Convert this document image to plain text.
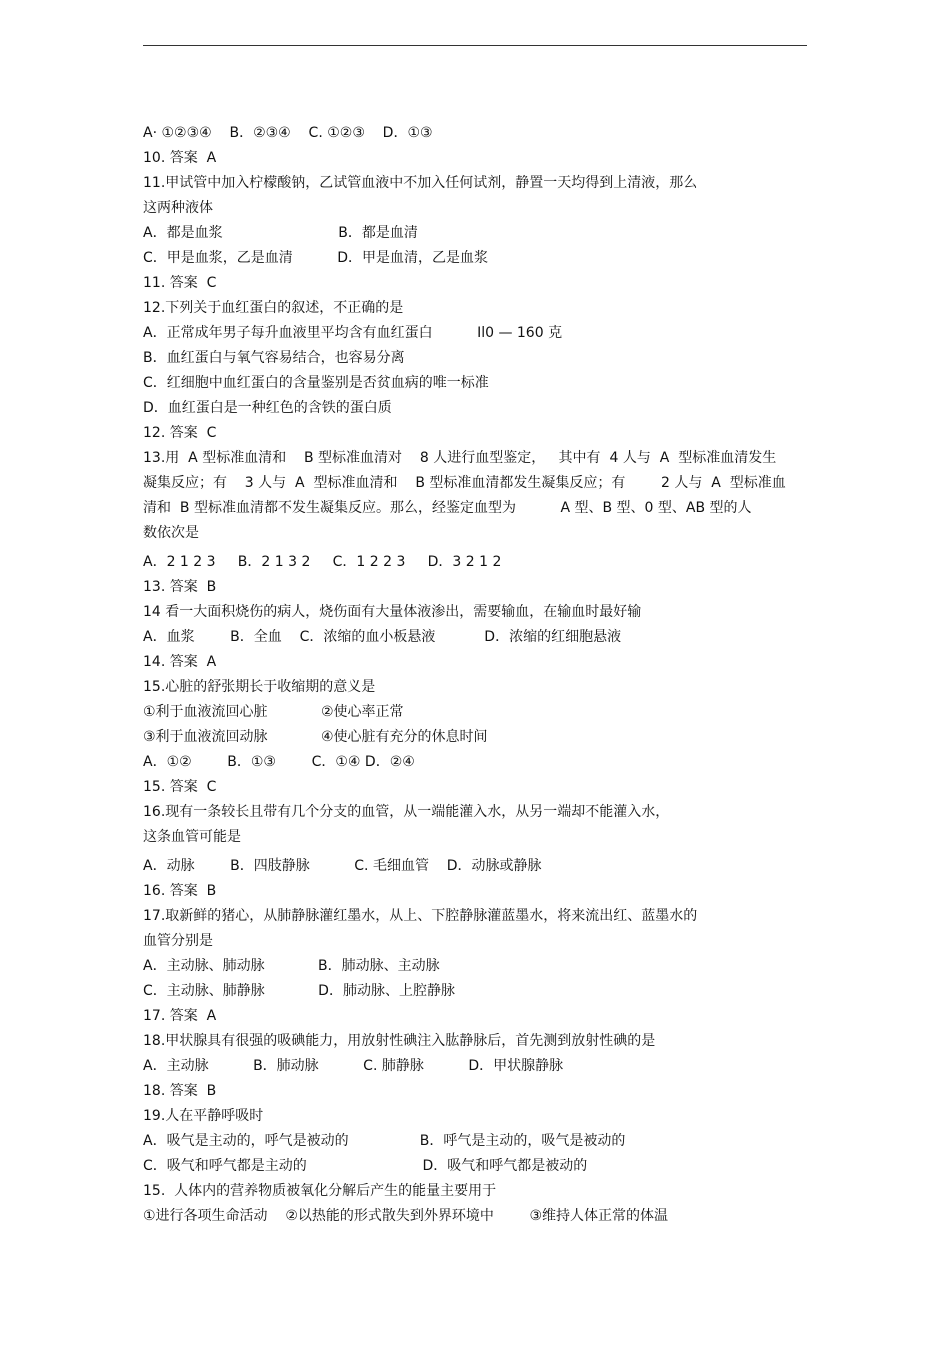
A· ①②③④    B．②③④    C. ①②③    D．①③
10. 答案  A
11.甲试管中加入柠檬酸钠，乙试管血液中不加入任何试剂，静置一天均得到上清液，那么
这两种液体
A．都是血浆                          B．都是血清
C．甲是血浆，乙是血清          D．甲是血清，乙是血浆
11. 答案  C
12.下列关于血红蛋白的叙述，不正确的是
A．正常成年男子每升血液里平均含有血红蛋白          Ⅰl0 — 160 克
B．血红蛋白与氧气容易结合，也容易分离
C．红细胞中血红蛋白的含量鉴别是否贫血病的唯一标准
D．血红蛋白是一种红色的含铁的蛋白质
12. 答案  C
13.用  A 型标准血清和    B 型标准血清对    8 人进行血型鉴定，   其中有  4 人与  A  型标准血清发生
凝集反应；有    3 人与  A  型标准血清和    B 型标准血清都发生凝集反应；有        2 人与  A  型标准血
清和  B 型标准血清都不发生凝集反应。那么，经鉴定血型为          A 型、B 型、0 型、AB 型的人
数依次是
A．2 1 2 3     B．2 1 3 2     C．1 2 2 3     D．3 2 1 2
13. 答案  B
14 看一大面积烧伤的病人，烧伤面有大量体液渗出，需要输血，在输血时最好输
A．血浆        B．全血    C．浓缩的血小板悬液           D．浓缩的红细胞悬液
14. 答案  A
15.心脏的舒张期长于收缩期的意义是
①利于血液流回心脏            ②使心率正常
③利于血液流回动脉            ④使心脏有充分的休息时间
A．①②        B．①③        C．①④ D．②④
15. 答案  C
16.现有一条较长且带有几个分支的血管，从一端能灌入水，从另一端却不能灌入水，
这条血管可能是
A．动脉        B．四肢静脉          C. 毛细血管    D．动脉或静脉
16. 答案  B
17.取新鲜的猪心，从肺静脉灌红墨水，从上、下腔静脉灌蓝墨水，将来流出红、蓝墨水的
血管分别是
A．主动脉、肺动脉            B．肺动脉、主动脉
C．主动脉、肺静脉            D．肺动脉、上腔静脉
17. 答案  A
18.甲状腺具有很强的吸碘能力，用放射性碘注入肱静脉后，首先测到放射性碘的是
A．主动脉          B．肺动脉          C. 肺静脉          D．甲状腺静脉
18. 答案  B
19.人在平静呼吸时
A．吸气是主动的，呼气是被动的                B．呼气是主动的，吸气是被动的
C．吸气和呼气都是主动的                          D．吸气和呼气都是被动的
15.  人体内的营养物质被氧化分解后产生的能量主要用于
①进行各项生命活动    ②以热能的形式散失到外界环境中        ③维持人体正常的体温
